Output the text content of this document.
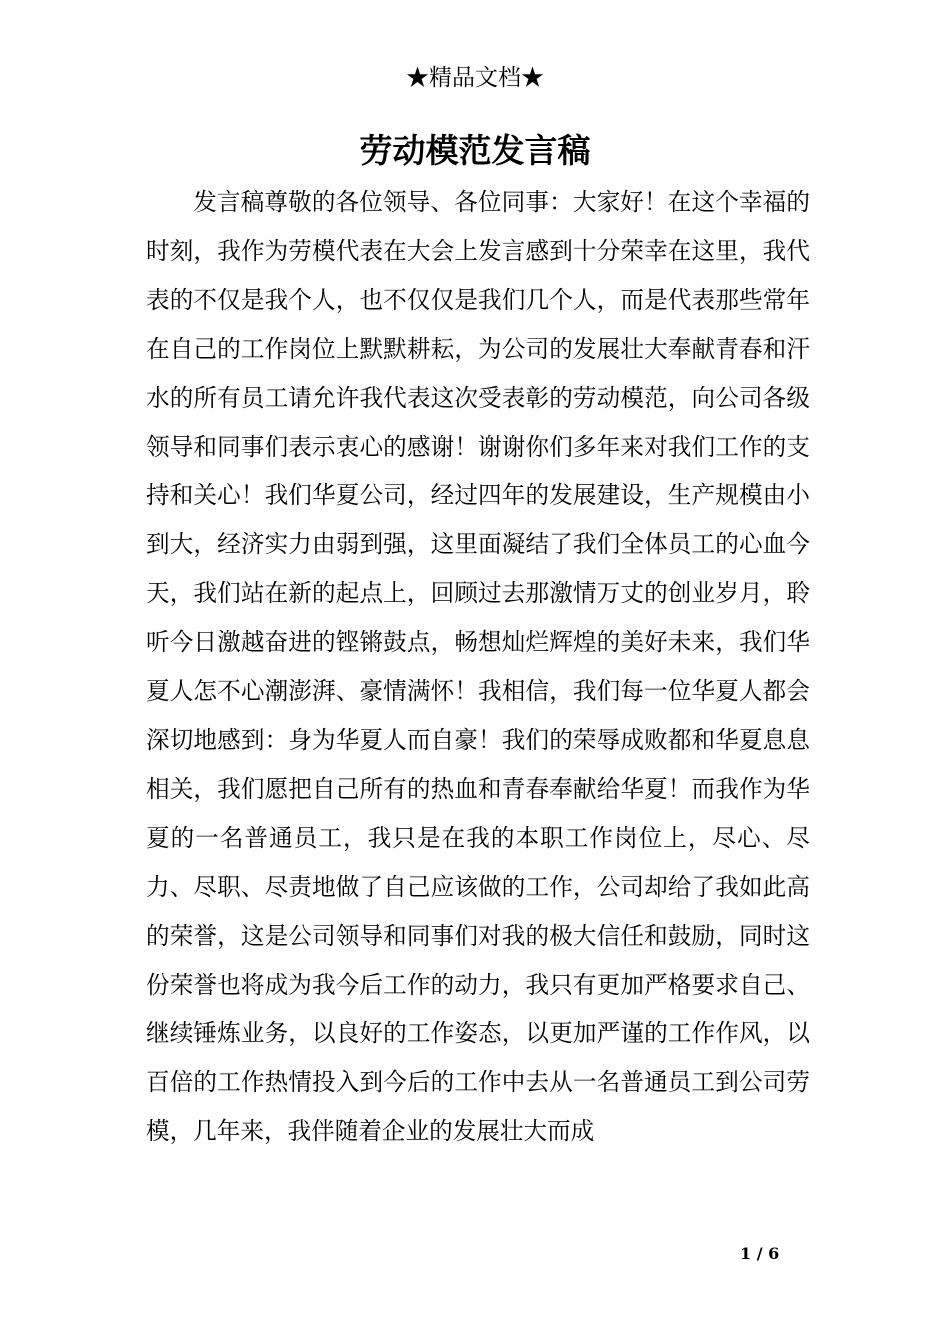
★精品文档★
劳动模范发言稿

发言稿尊敬的各位领导、各位同事：大家好！在这个幸福的时刻，我作为劳模代表在大会上发言感到十分荣幸在这里，我代表的不仅是我个人，也不仅仅是我们几个人，而是代表那些常年在自己的工作岗位上默默耕耘，为公司的发展壮大奉献青春和汗水的所有员工请允许我代表这次受表彰的劳动模范，向公司各级领导和同事们表示衷心的感谢！谢谢你们多年来对我们工作的支持和关心！我们华夏公司，经过四年的发展建设，生产规模由小到大，经济实力由弱到强，这里面凝结了我们全体员工的心血今天，我们站在新的起点上，回顾过去那激情万丈的创业岁月，聆听今日激越奋进的铿锵鼓点，畅想灿烂辉煌的美好未来，我们华夏人怎不心潮澎湃、豪情满怀！我相信，我们每一位华夏人都会深切地感到：身为华夏人而自豪！我们的荣辱成败都和华夏息息相关，我们愿把自己所有的热血和青春奉献给华夏！而我作为华夏的一名普通员工，我只是在我的本职工作岗位上，尽心、尽力、尽职、尽责地做了自己应该做的工作，公司却给了我如此高的荣誉，这是公司领导和同事们对我的极大信任和鼓励，同时这份荣誉也将成为我今后工作的动力，我只有更加严格要求自己、继续锤炼业务，以良好的工作姿态，以更加严谨的工作作风，以百倍的工作热情投入到今后的工作中去从一名普通员工到公司劳模，几年来，我伴随着企业的发展壮大而成

1 / 6
